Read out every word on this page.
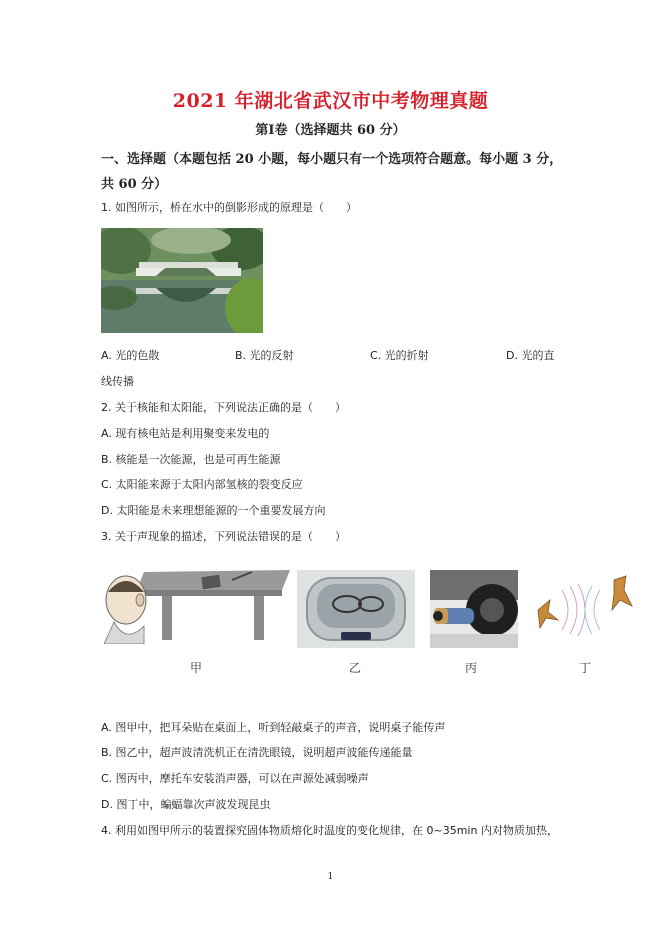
2021 年湖北省武汉市中考物理真题
第Ⅰ卷（选择题共 60 分）
一、选择题（本题包括 20 小题，每小题只有一个选项符合题意。每小题 3 分，
共 60 分）
1. 如图所示，桥在水中的倒影形成的原理是（　　）
A. 光的色散	B. 光的反射	C. 光的折射	D. 光的直
线传播
2. 关于核能和太阳能，下列说法正确的是（　　）
A. 现有核电站是利用聚变来发电的
B. 核能是一次能源，也是可再生能源
C. 太阳能来源于太阳内部氢核的裂变反应
D. 太阳能是未来理想能源的一个重要发展方向
3. 关于声现象的描述，下列说法错误的是（　　）
甲	乙	丙	丁
A. 图甲中，把耳朵贴在桌面上，听到轻敲桌子的声音，说明桌子能传声
B. 图乙中，超声波清洗机正在清洗眼镜，说明超声波能传递能量
C. 图丙中，摩托车安装消声器，可以在声源处减弱噪声
D. 图丁中，蝙蝠靠次声波发现昆虫
4. 利用如图甲所示的装置探究固体物质熔化时温度的变化规律，在 0~35min 内对物质加热，
1
